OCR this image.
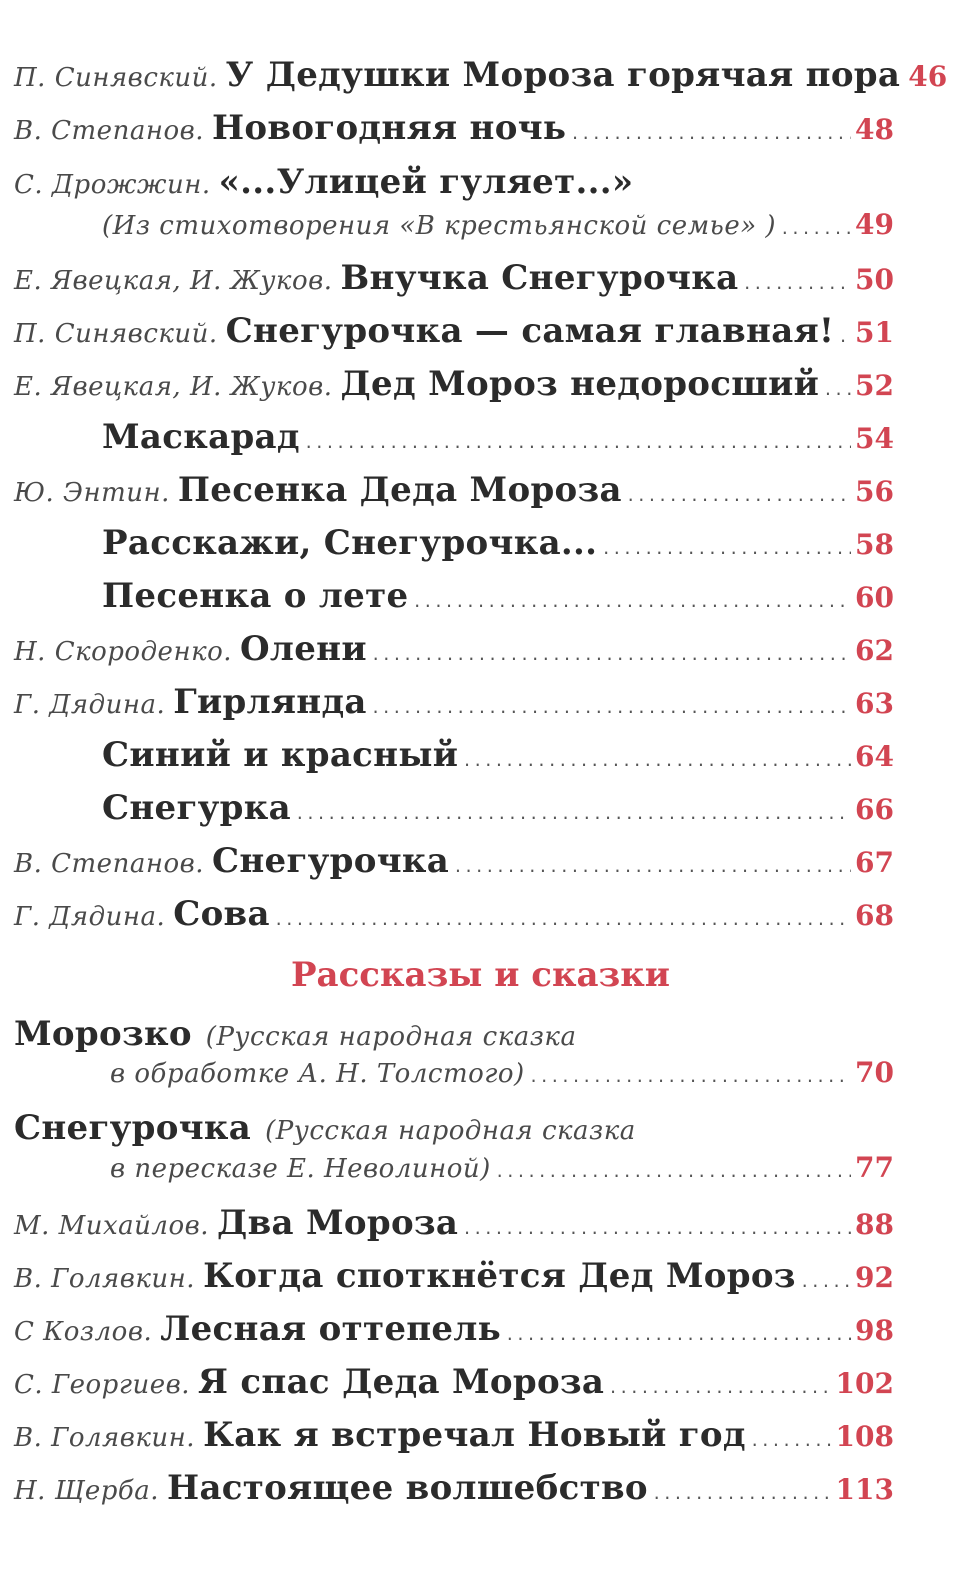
П. Синявский. У Дедушки Мороза горячая пора 46
В. Степанов. Новогодняя ночь .....	48
С. Дрожжин. «...Улицей гуляет...»
(Из стихотворения «В крестьянской семье» ) .....	49
Е. Явецкая, И. Жуков. Внучка Снегурочка .....	50
П. Синявский. Снегурочка — самая главная! ..... 51
Е. Явецкая, И. Жуков. Дед Мороз недоросший ..... 52
Маскарад .....	54
Ю. Энтин. Песенка Деда Мороза .....	56
Расскажи, Снегурочка... .....	58
Песенка о лете .....	60
Н. Скороденко. Олени .....	62
Г. Дядина. Гирлянда .....	63
Синий и красный .....	64
Снегурка .....	66
В. Степанов. Снегурочка .....	67
Г. Дядина. Сова .....	68
Рассказы и сказки
Морозко (Русская народная сказка
в обработке А. Н. Толстого) .....	70
Снегурочка (Русская народная сказка
в пересказе Е. Неволиной) .....	77
М. Михайлов. Два Мороза .....	88
В. Голявкин. Когда споткнётся Дед Мороз ..... 92
С Козлов. Лесная оттепель .....	98
С. Георгиев. Я спас Деда Мороза .....	102
В. Голявкин. Как я встречал Новый год .....	108
Н. Щерба. Настоящее волшебство .....	113
